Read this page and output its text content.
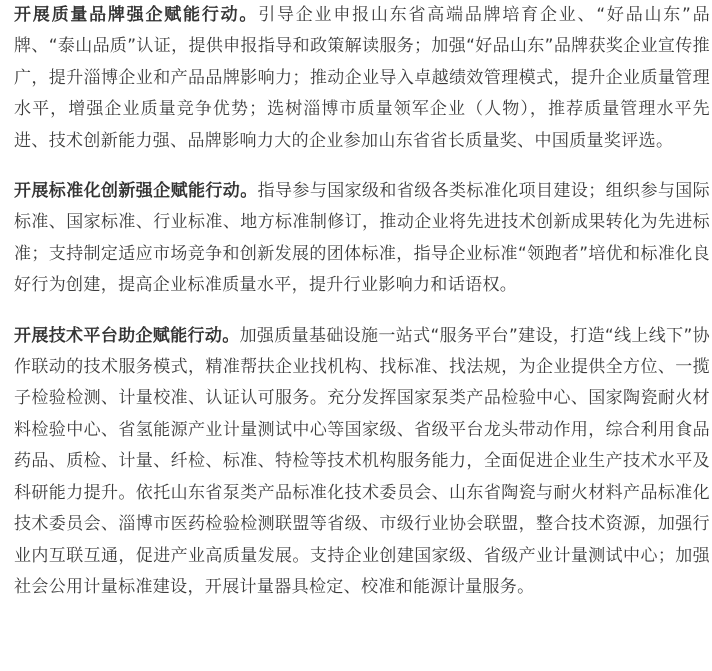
开展质量品牌强企赋能行动。引导企业申报山东省高端品牌培育企业、“好品山东”品牌、“泰山品质”认证，提供申报指导和政策解读服务；加强“好品山东”品牌获奖企业宣传推广，提升淄博企业和产品品牌影响力；推动企业导入卓越绩效管理模式，提升企业质量管理水平，增强企业质量竞争优势；选树淄博市质量领军企业（人物），推荐质量管理水平先进、技术创新能力强、品牌影响力大的企业参加山东省省长质量奖、中国质量奖评选。

开展标准化创新强企赋能行动。指导参与国家级和省级各类标准化项目建设；组织参与国际标准、国家标准、行业标准、地方标准制修订，推动企业将先进技术创新成果转化为先进标准；支持制定适应市场竞争和创新发展的团体标准，指导企业标准“领跑者”培优和标准化良好行为创建，提高企业标准质量水平，提升行业影响力和话语权。

开展技术平台助企赋能行动。加强质量基础设施一站式“服务平台”建设，打造“线上线下”协作联动的技术服务模式，精准帮扶企业找机构、找标准、找法规，为企业提供全方位、一揽子检验检测、计量校准、认证认可服务。充分发挥国家泵类产品检验中心、国家陶瓷耐火材料检验中心、省氢能源产业计量测试中心等国家级、省级平台龙头带动作用，综合利用食品药品、质检、计量、纤检、标准、特检等技术机构服务能力，全面促进企业生产技术水平及科研能力提升。依托山东省泵类产品标准化技术委员会、山东省陶瓷与耐火材料产品标准化技术委员会、淄博市医药检验检测联盟等省级、市级行业协会联盟，整合技术资源，加强行业内互联互通，促进产业高质量发展。支持企业创建国家级、省级产业计量测试中心；加强社会公用计量标准建设，开展计量器具检定、校准和能源计量服务。
